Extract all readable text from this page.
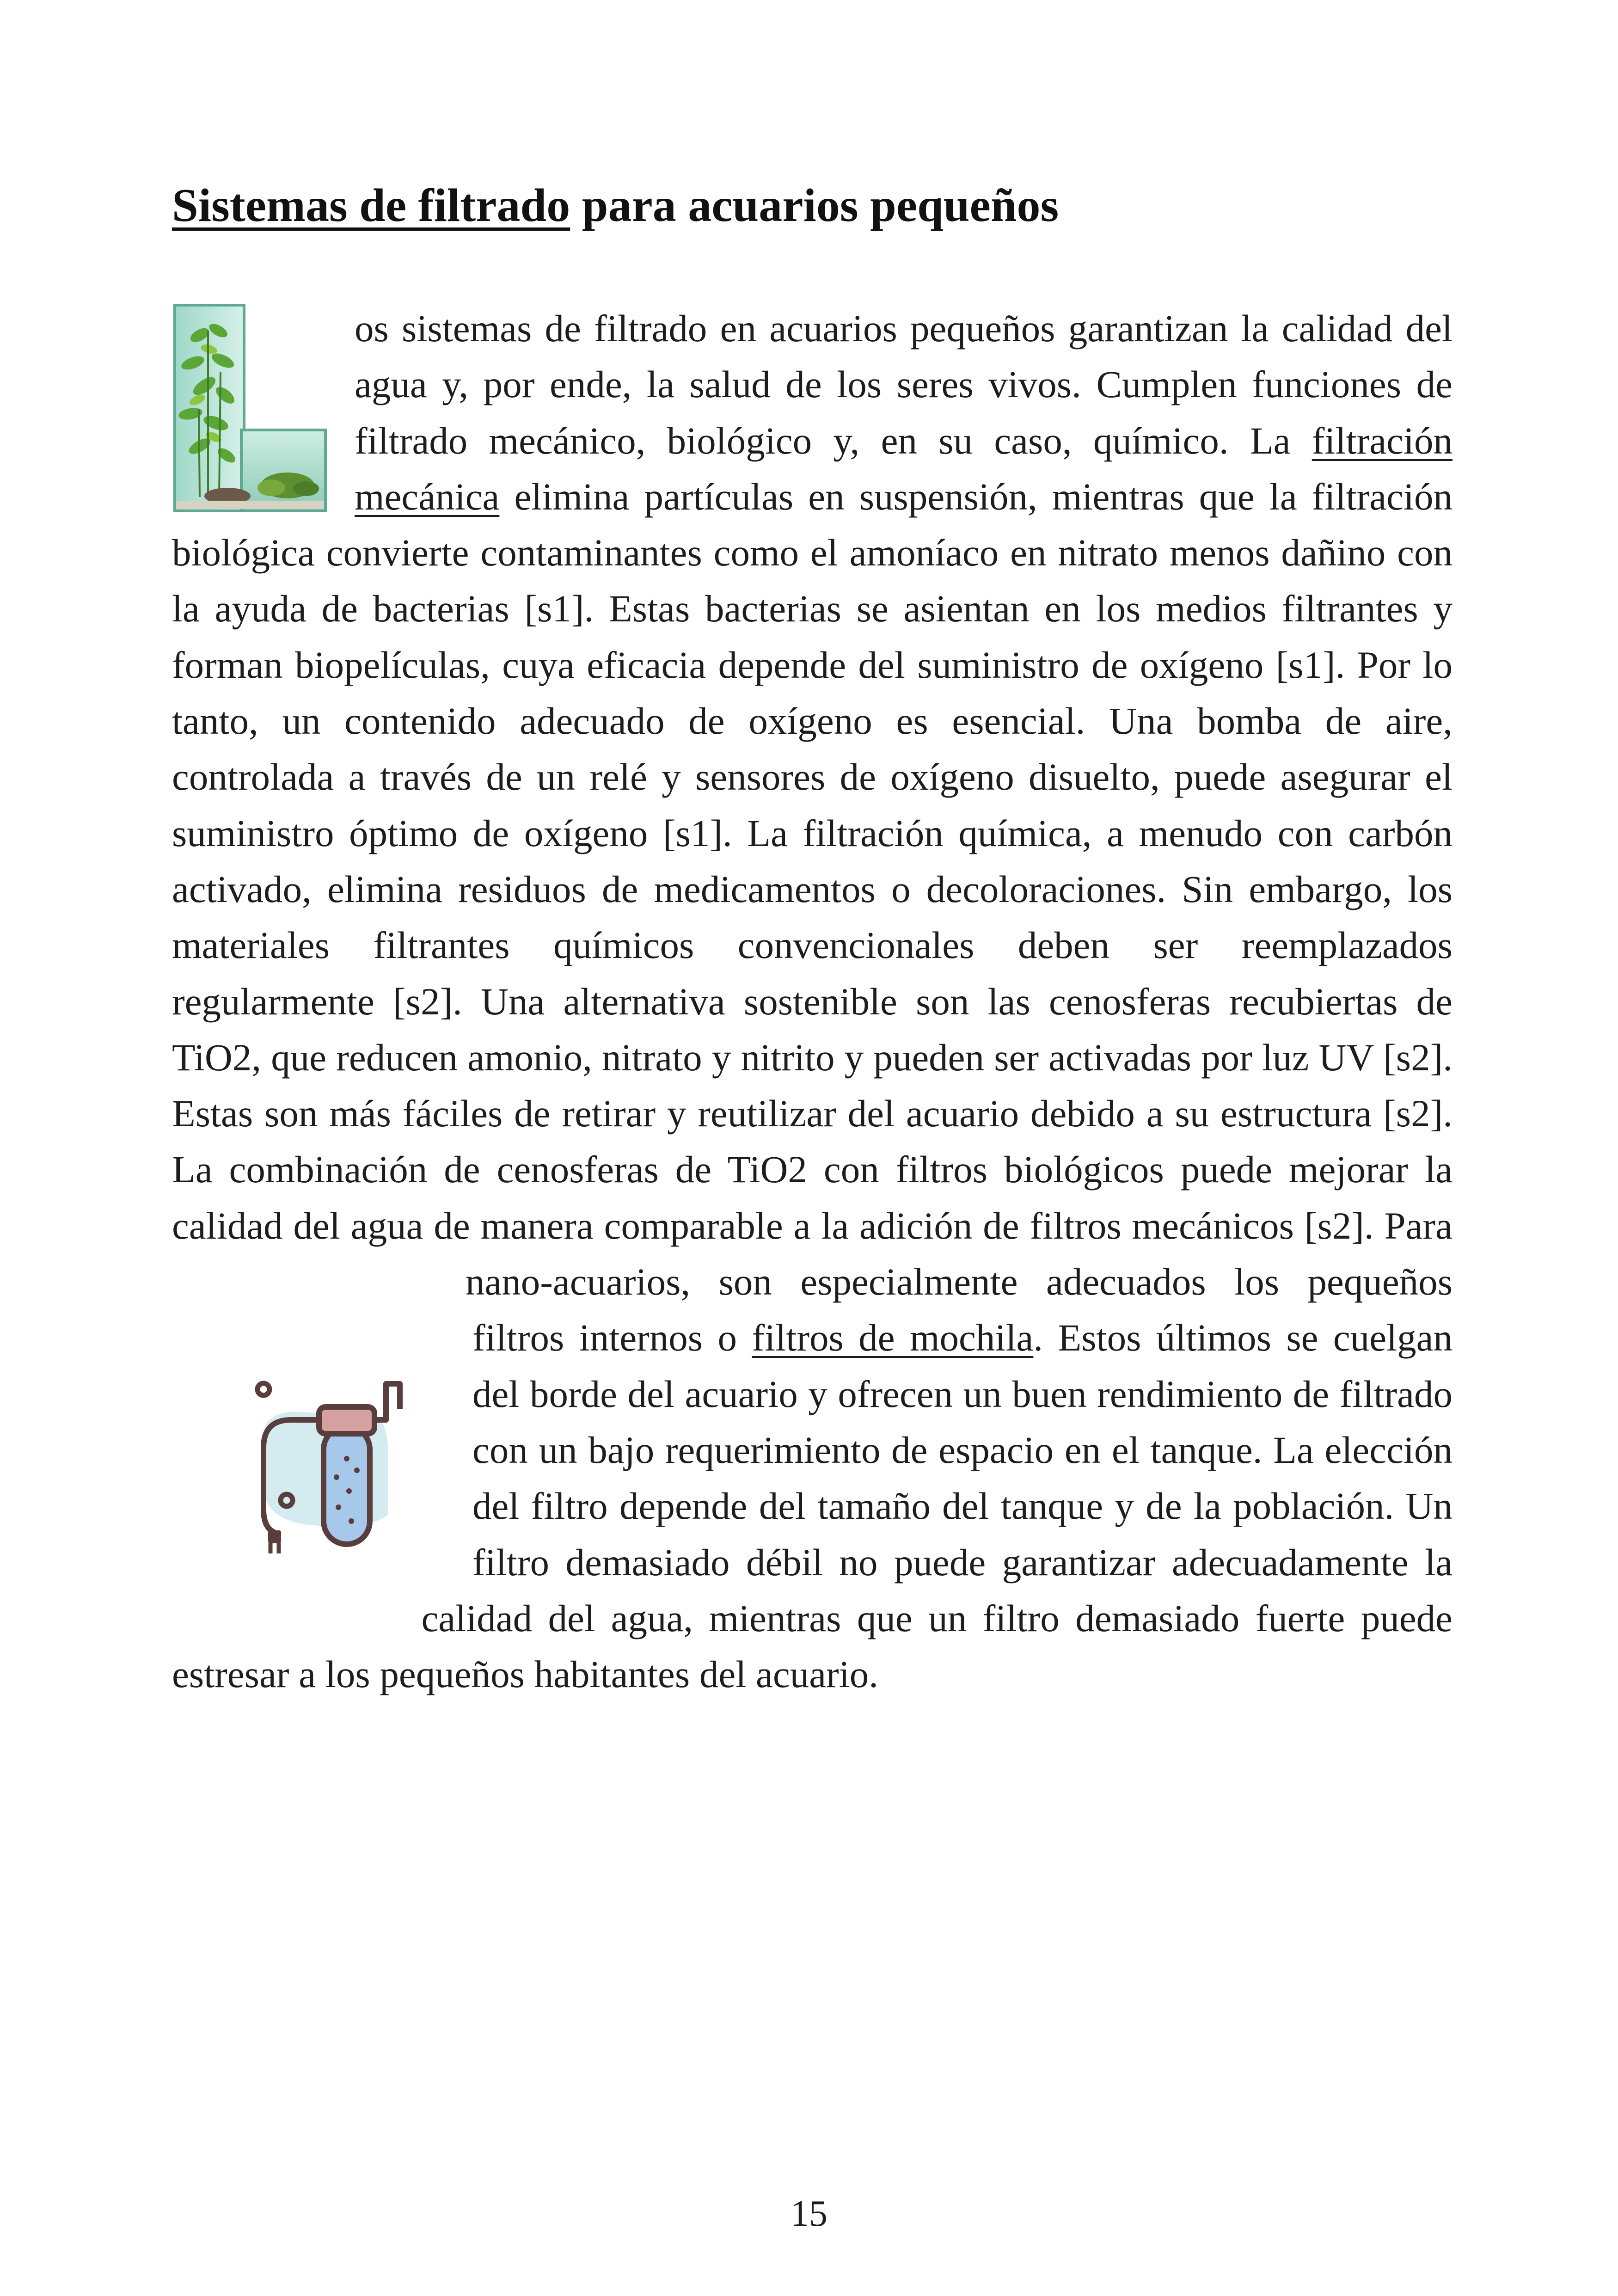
Sistemas de filtrado para acuarios pequeños
os sistemas de filtrado en acuarios pequeños garantizan la calidad del agua y, por ende, la salud de los seres vivos. Cumplen funciones de filtrado mecánico, biológico y, en su caso, químico. La filtración mecánica elimina partículas en suspensión, mientras que la filtración biológica convierte contaminantes como el amoníaco en nitrato menos dañino con la ayuda de bacterias [s1]. Estas bacterias se asientan en los medios filtrantes y forman biopelículas, cuya eficacia depende del suministro de oxígeno [s1]. Por lo tanto, un contenido adecuado de oxígeno es esencial. Una bomba de aire, controlada a través de un relé y sensores de oxígeno disuelto, puede asegurar el suministro óptimo de oxígeno [s1]. La filtración química, a menudo con carbón activado, elimina residuos de medicamentos o decoloraciones. Sin embargo, los materiales filtrantes químicos convencionales deben ser reemplazados regularmente [s2]. Una alternativa sostenible son las cenosferas recubiertas de TiO2, que reducen amonio, nitrato y nitrito y pueden ser activadas por luz UV [s2]. Estas son más fáciles de retirar y reutilizar del acuario debido a su estructura [s2]. La combinación de cenosferas de TiO2 con filtros biológicos puede mejorar la calidad del agua de manera comparable a la adición de filtros mecánicos [s2]. Para nano-acuarios, son especialmente adecuados los pequeños filtros internos o filtros de mochila. Estos últimos se cuelgan del borde del acuario y ofrecen un buen rendimiento de filtrado con un bajo requerimiento de espacio en el tanque. La elección del filtro depende del tamaño del tanque y de la población. Un filtro demasiado débil no puede garantizar adecuadamente la calidad del agua, mientras que un filtro demasiado fuerte puede estresar a los pequeños habitantes del acuario.
15
